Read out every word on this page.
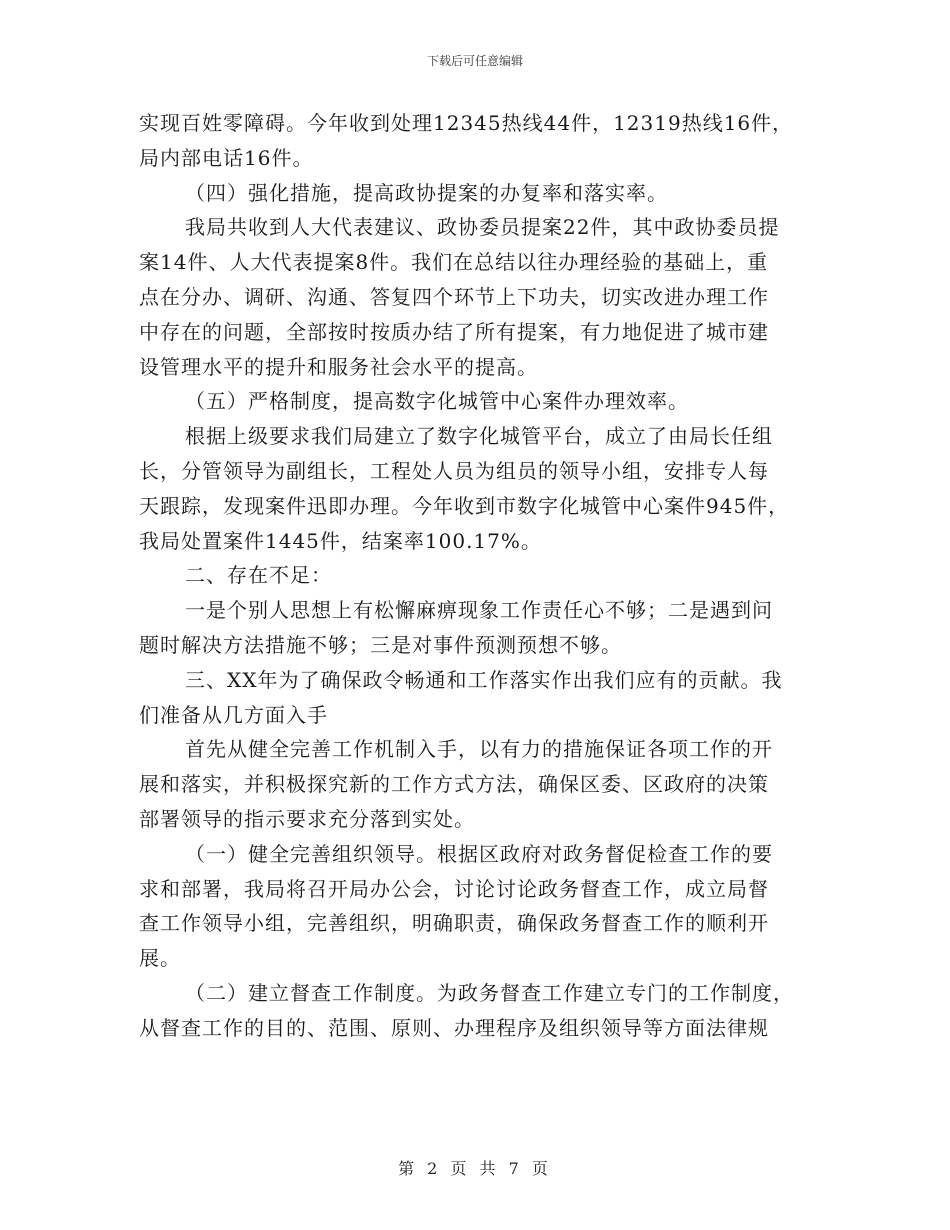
下载后可任意编辑

实现百姓零障碍。今年收到处理12345热线44件，12319热线16件，

局内部电话16件。

（四）强化措施，提高政协提案的办复率和落实率。

我局共收到人大代表建议、政协委员提案22件，其中政协委员提

案14件、人大代表提案8件。我们在总结以往办理经验的基础上，重

点在分办、调研、沟通、答复四个环节上下功夫，切实改进办理工作

中存在的问题，全部按时按质办结了所有提案，有力地促进了城市建

设管理水平的提升和服务社会水平的提高。

（五）严格制度，提高数字化城管中心案件办理效率。

根据上级要求我们局建立了数字化城管平台，成立了由局长任组

长，分管领导为副组长，工程处人员为组员的领导小组，安排专人每

天跟踪，发现案件迅即办理。今年收到市数字化城管中心案件945件，

我局处置案件1445件，结案率100.17%。

二、存在不足：

一是个别人思想上有松懈麻痹现象工作责任心不够；二是遇到问

题时解决方法措施不够；三是对事件预测预想不够。

三、XX年为了确保政令畅通和工作落实作出我们应有的贡献。我

们准备从几方面入手

首先从健全完善工作机制入手，以有力的措施保证各项工作的开

展和落实，并积极探究新的工作方式方法，确保区委、区政府的决策

部署领导的指示要求充分落到实处。

（一）健全完善组织领导。根据区政府对政务督促检查工作的要

求和部署，我局将召开局办公会，讨论讨论政务督查工作，成立局督

查工作领导小组，完善组织，明确职责，确保政务督查工作的顺利开

展。

（二）建立督查工作制度。为政务督查工作建立专门的工作制度，

从督查工作的目的、范围、原则、办理程序及组织领导等方面法律规

第 2 页 共 7 页
